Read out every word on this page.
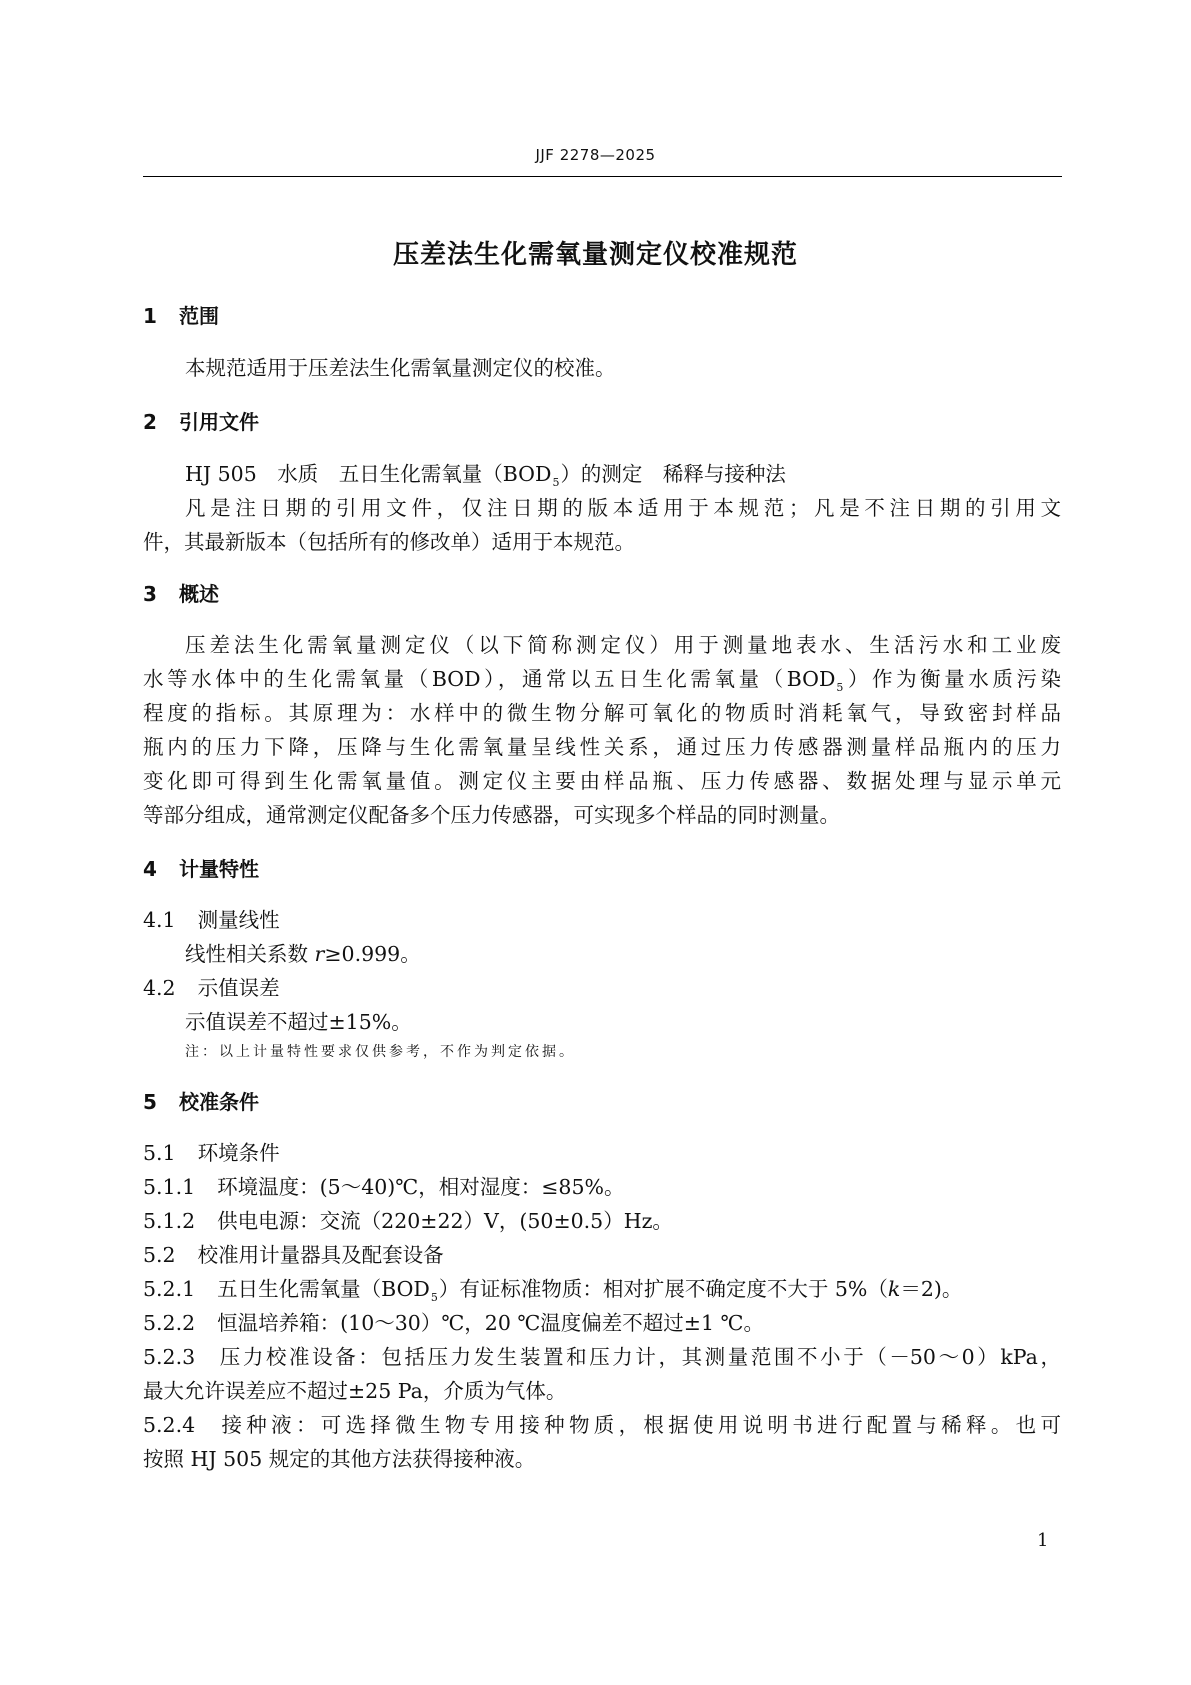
JJF 2278—2025
压差法生化需氧量测定仪校准规范
1 范围
本规范适用于压差法生化需氧量测定仪的校准。
2 引用文件
HJ 505　水质　五日生化需氧量$(BOD_5)$的测定　稀释与接种法
凡是注日期的引用文件，仅注日期的版本适用于本规范；凡是不注日期的引用文
件，其最新版本（包括所有的修改单）适用于本规范。
3 概述
压差法生化需氧量测定仪（以下简称测定仪）用于测量地表水、生活污水和工业废
水等水体中的生化需氧量（BOD），通常以五日生化需氧量$(BOD_5)$作为衡量水质污染
程度的指标。其原理为：水样中的微生物分解可氧化的物质时消耗氧气，导致密封样品
瓶内的压力下降，压降与生化需氧量呈线性关系，通过压力传感器测量样品瓶内的压力
变化即可得到生化需氧量值。测定仪主要由样品瓶、压力传感器、数据处理与显示单元
等部分组成，通常测定仪配备多个压力传感器，可实现多个样品的同时测量。
4 计量特性
4.1 测量线性
线性相关系数 r≥0.999。
4.2 示值误差
示值误差不超过±15%。
注：以上计量特性要求仅供参考，不作为判定依据。
5 校准条件
5.1 环境条件
5.1.1 环境温度：(5～40)℃，相对湿度：≤85%。
5.1.2 供电电源：交流（220±22）V，(50±0.5）Hz。
5.2 校准用计量器具及配套设备
5.2.1 五日生化需氧量$(BOD_5)$有证标准物质：相对扩展不确定度不大于 5%（k＝2)。
5.2.2 恒温培养箱：(10～30）℃，20 ℃温度偏差不超过±1 ℃。
5.2.3 压力校准设备：包括压力发生装置和压力计，其测量范围不小于（－50～0）kPa，
最大允许误差应不超过±25 Pa，介质为气体。
5.2.4 接种液：可选择微生物专用接种物质，根据使用说明书进行配置与稀释。也可
按照 HJ 505 规定的其他方法获得接种液。
1
